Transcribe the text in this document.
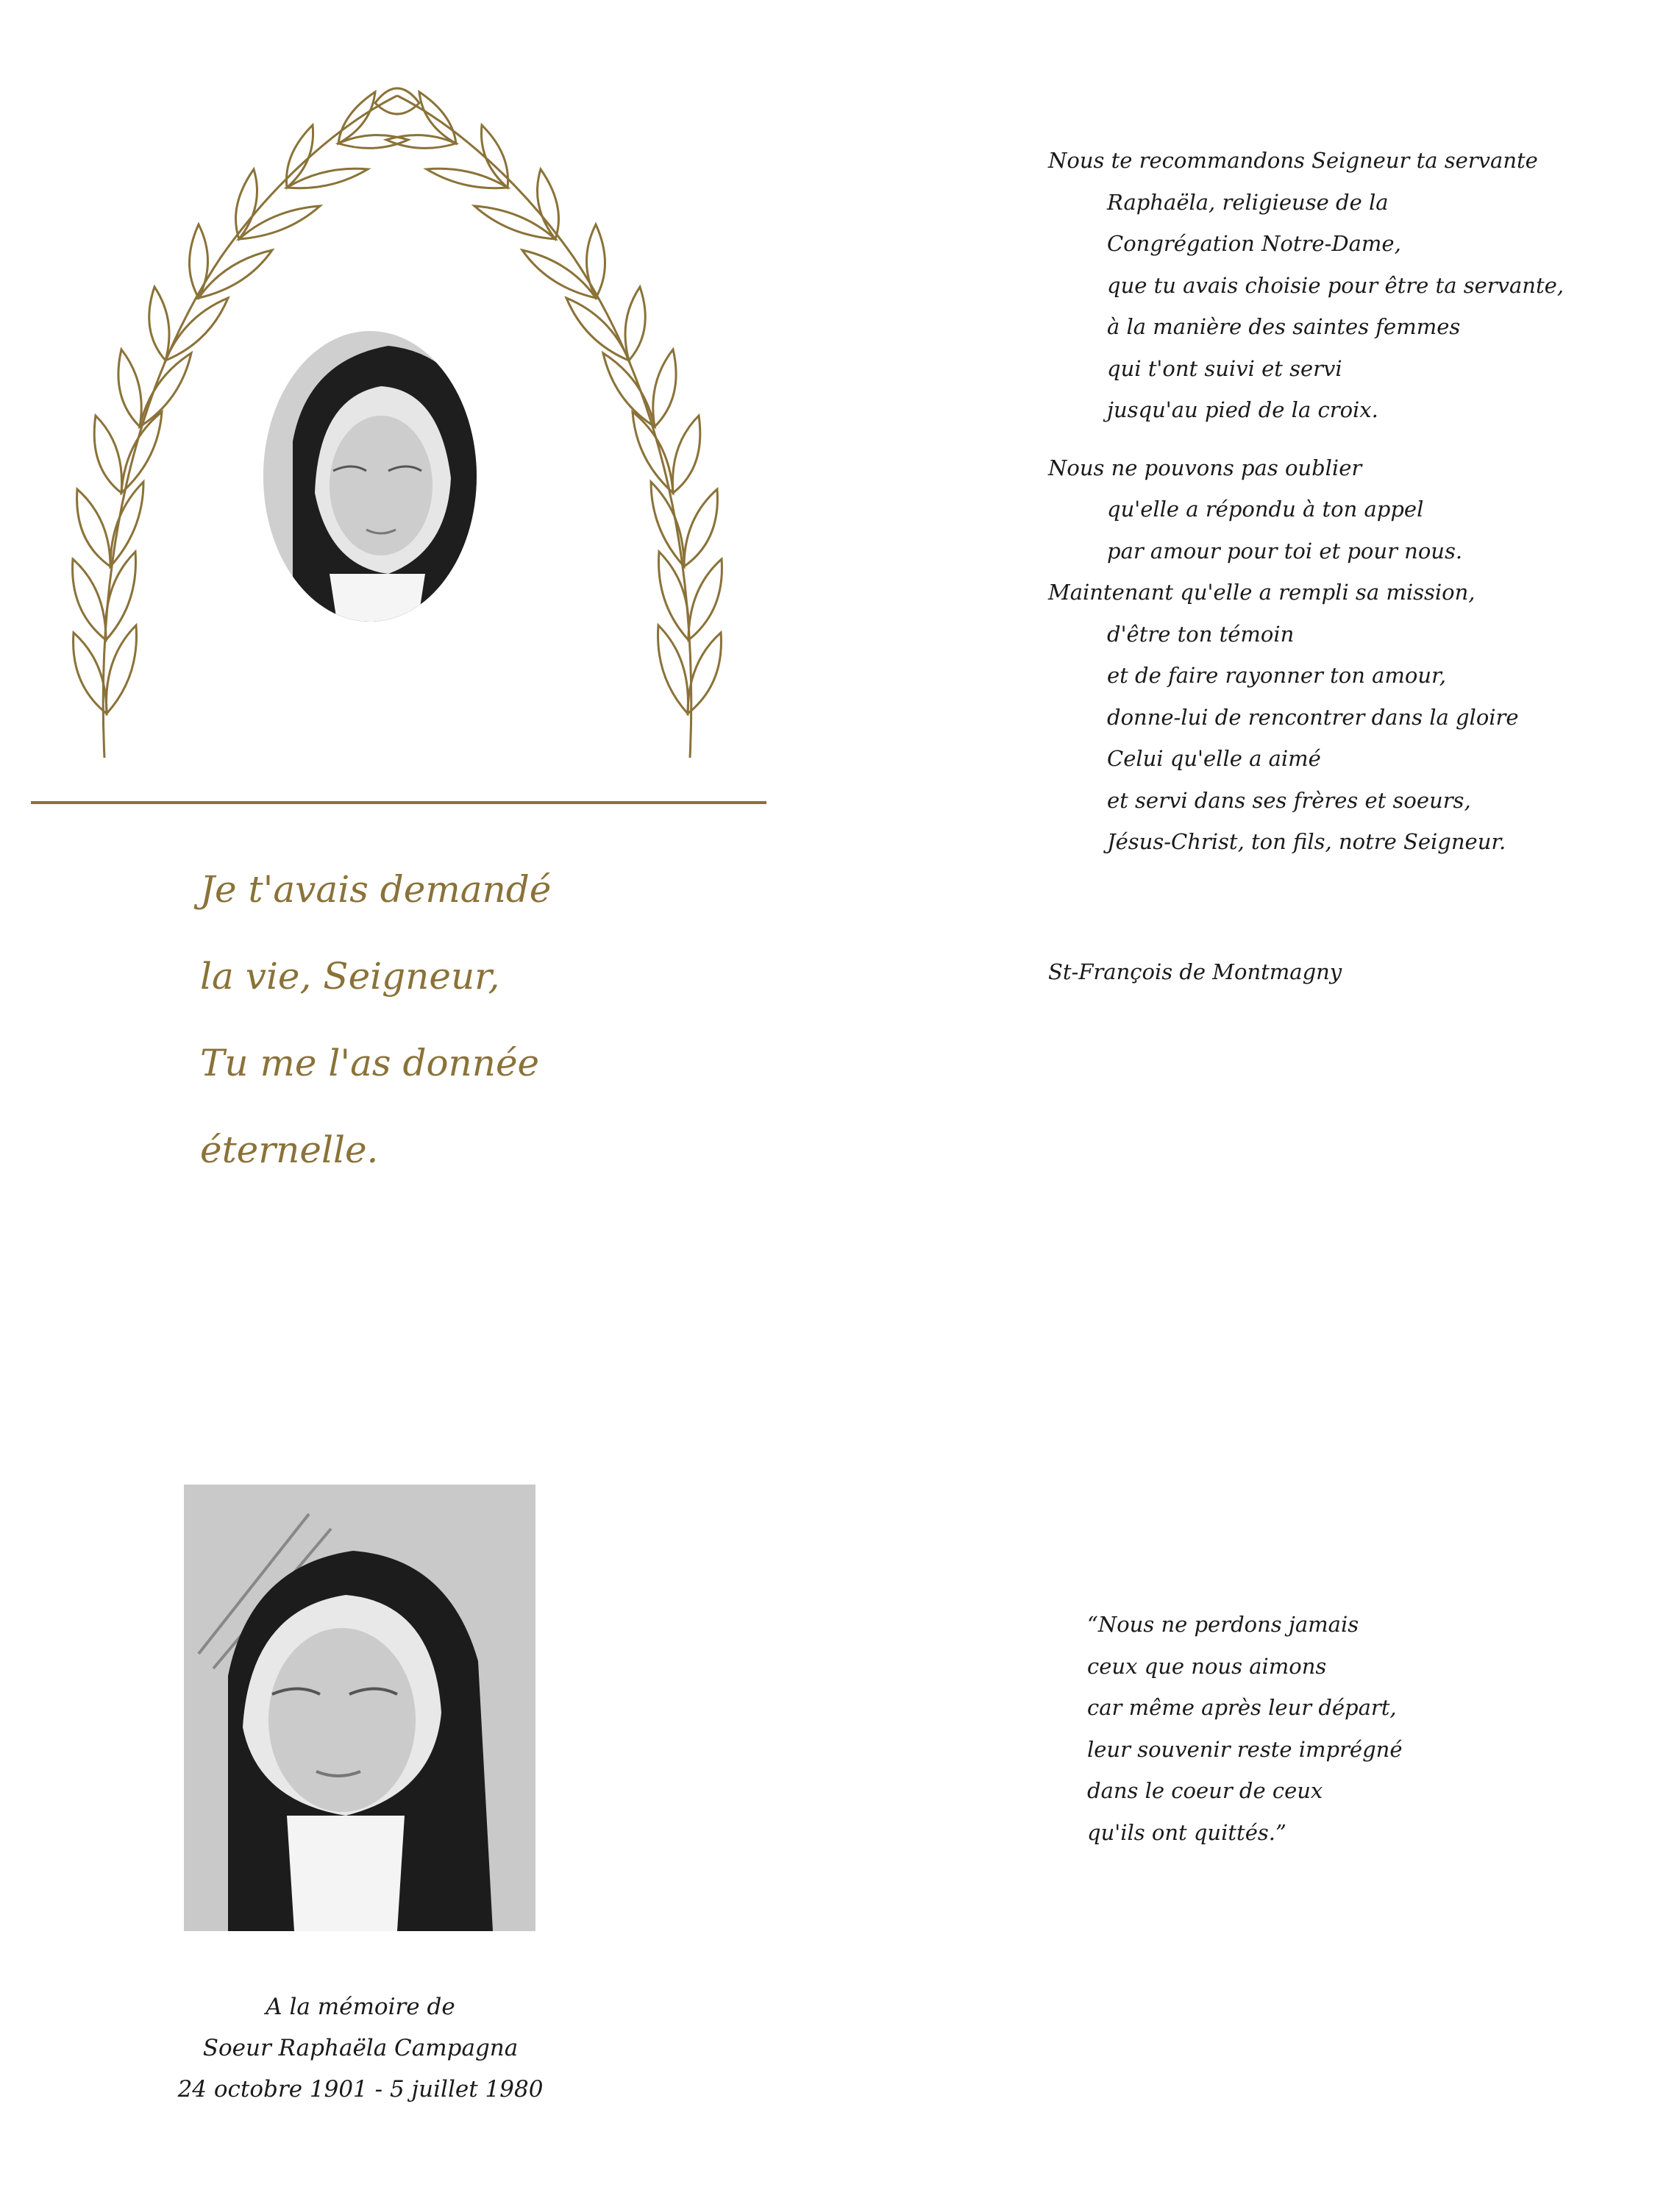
Je t'avais demandé
la vie, Seigneur,
Tu me l'as donnée
éternelle.
Nous te recommandons Seigneur ta servante
Raphaëla, religieuse de la
Congrégation Notre-Dame,
que tu avais choisie pour être ta servante,
à la manière des saintes femmes
qui t'ont suivi et servi
jusqu'au pied de la croix.
Nous ne pouvons pas oublier
qu'elle a répondu à ton appel
par amour pour toi et pour nous.
Maintenant qu'elle a rempli sa mission,
d'être ton témoin
et de faire rayonner ton amour,
donne-lui de rencontrer dans la gloire
Celui qu'elle a aimé
et servi dans ses frères et soeurs,
Jésus-Christ, ton fils, notre Seigneur.
St-François de Montmagny
A la mémoire de
Soeur Raphaëla Campagna
24 octobre 1901 - 5 juillet 1980
“Nous ne perdons jamais
ceux que nous aimons
car même après leur départ,
leur souvenir reste imprégné
dans le coeur de ceux
qu'ils ont quittés.”
